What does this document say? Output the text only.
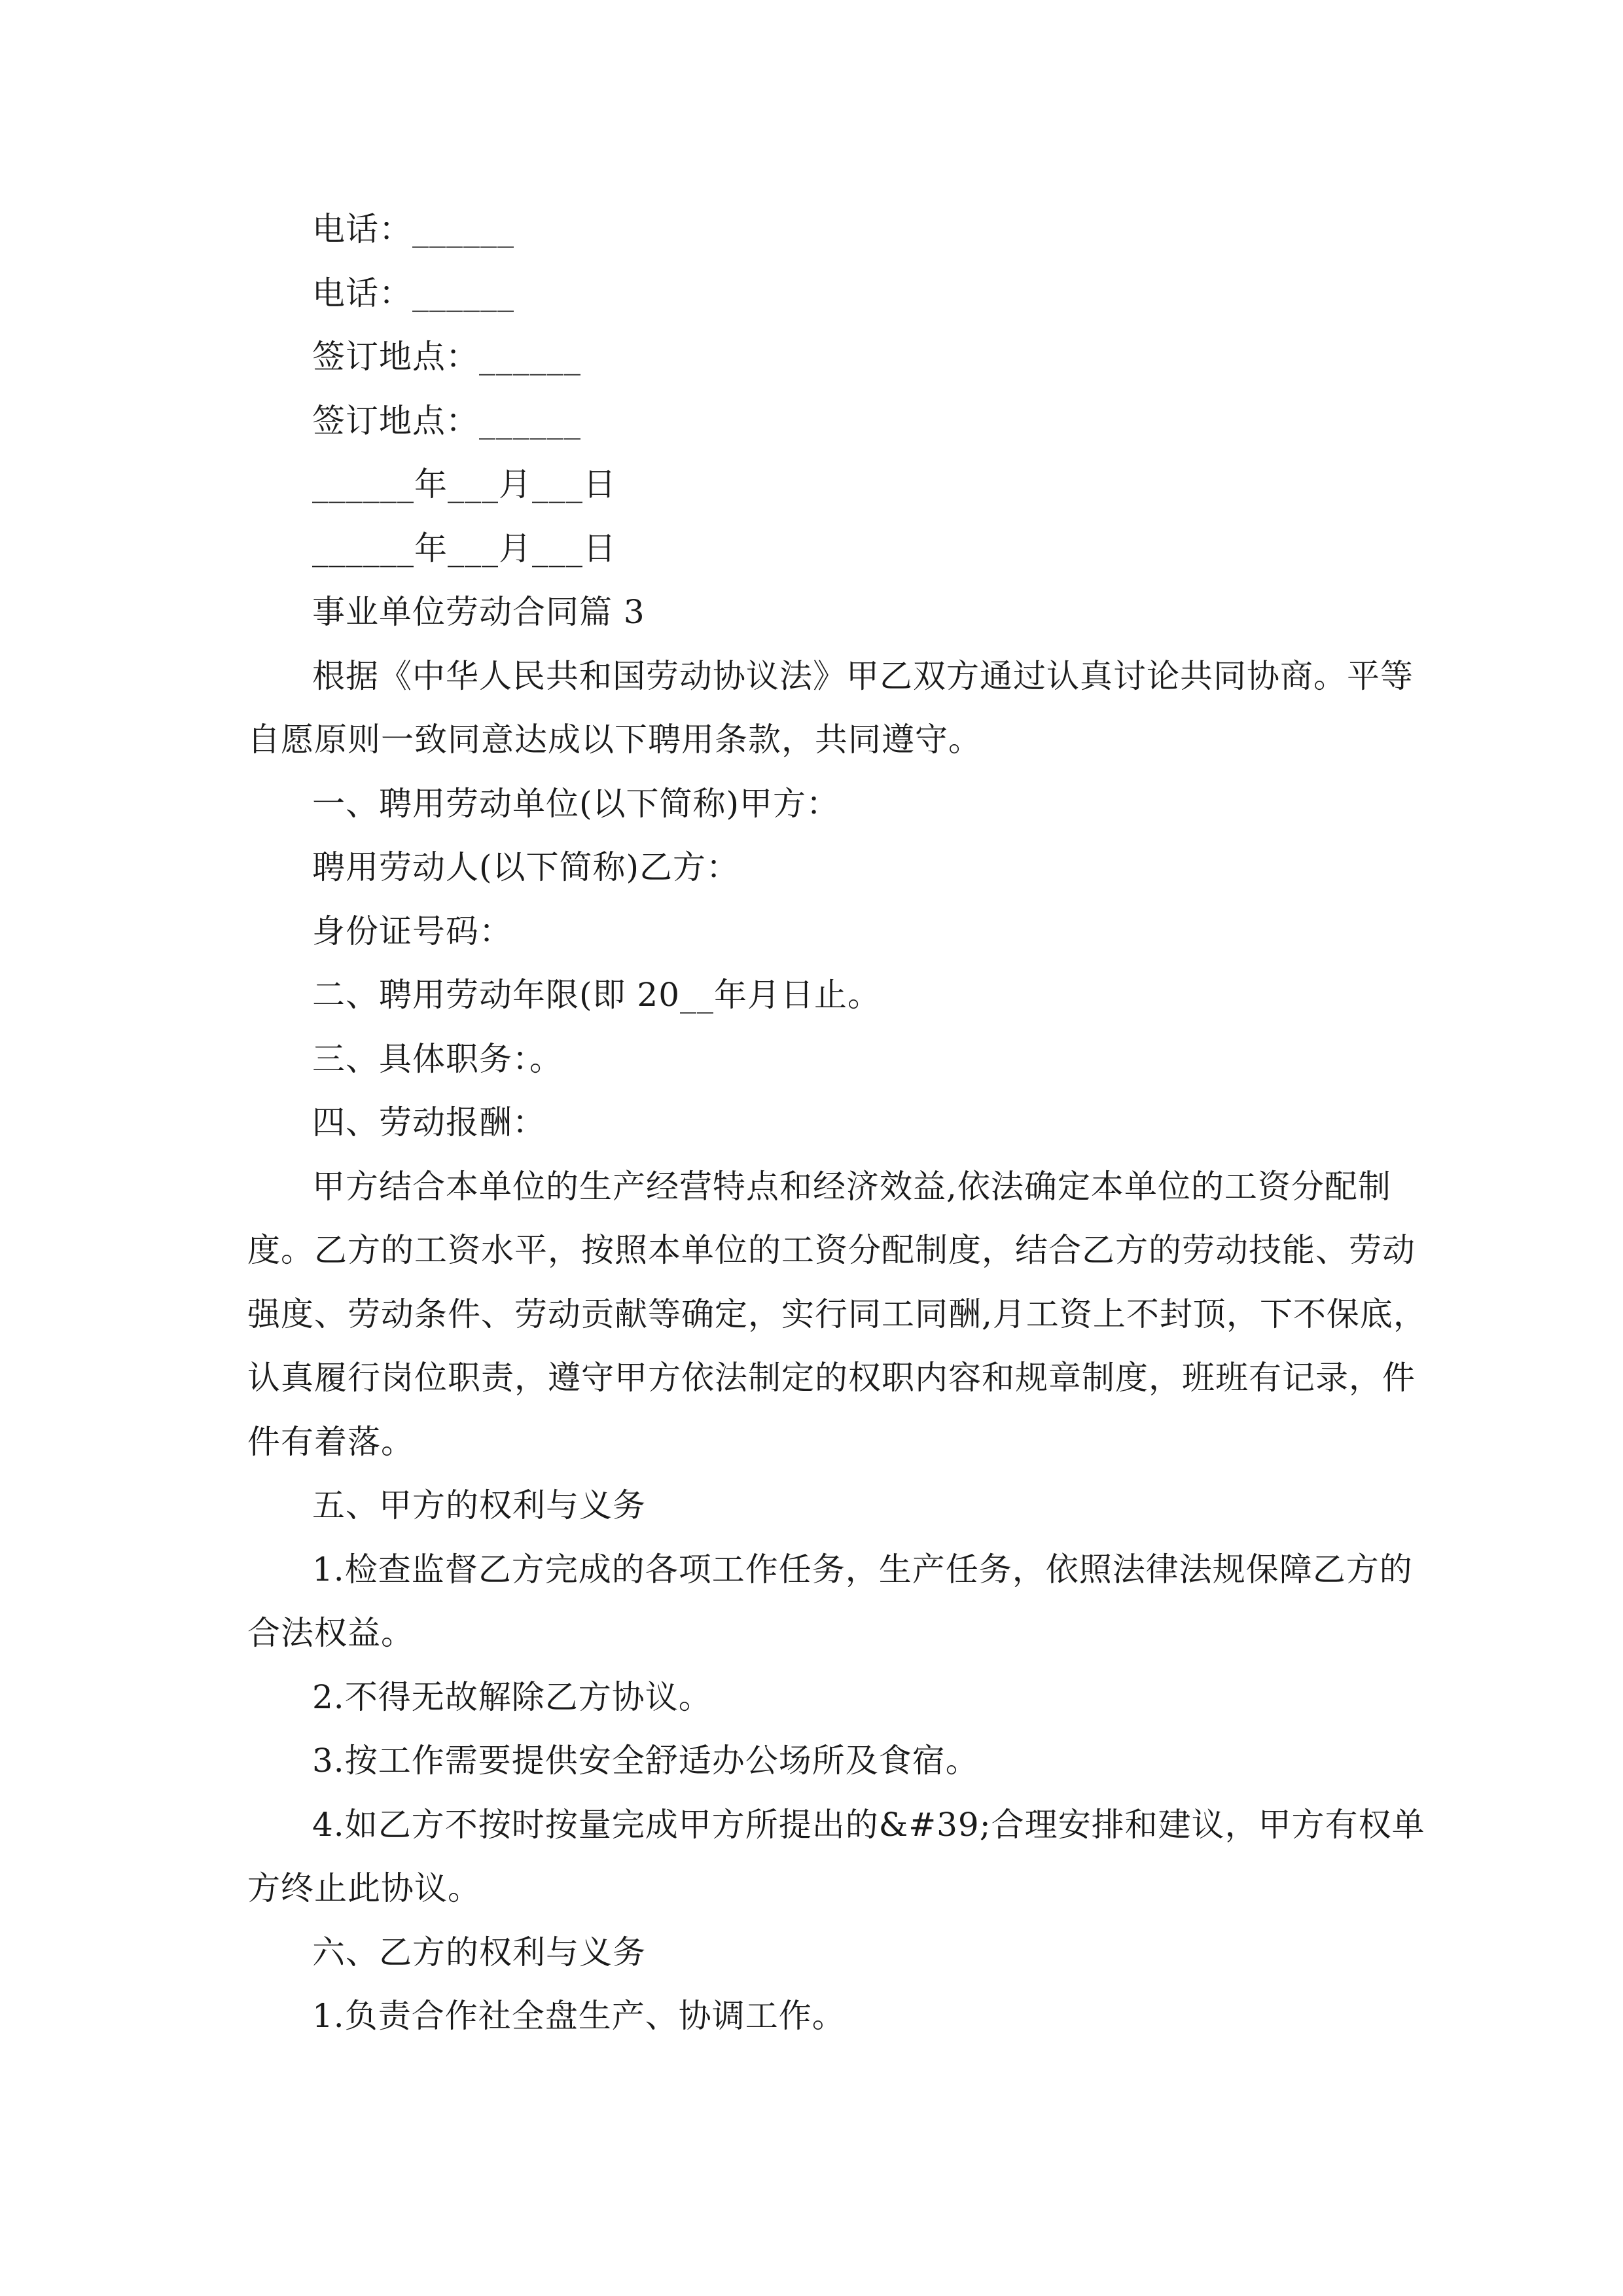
电话：______
电话：______
签订地点：______
签订地点：______
______年___月___日
______年___月___日
事业单位劳动合同篇 3
根据《中华人民共和国劳动协议法》甲乙双方通过认真讨论共同协商。平等
自愿原则一致同意达成以下聘用条款，共同遵守。
一、聘用劳动单位(以下简称)甲方：
聘用劳动人(以下简称)乙方：
身份证号码：
二、聘用劳动年限(即 20__年月日止。
三、具体职务：。
四、劳动报酬：
甲方结合本单位的生产经营特点和经济效益,依法确定本单位的工资分配制
度。乙方的工资水平，按照本单位的工资分配制度，结合乙方的劳动技能、劳动
强度、劳动条件、劳动贡献等确定，实行同工同酬,月工资上不封顶，下不保底，
认真履行岗位职责，遵守甲方依法制定的权职内容和规章制度，班班有记录，件
件有着落。
五、甲方的权利与义务
1.检查监督乙方完成的各项工作任务，生产任务，依照法律法规保障乙方的
合法权益。
2.不得无故解除乙方协议。
3.按工作需要提供安全舒适办公场所及食宿。
4.如乙方不按时按量完成甲方所提出的&#39;合理安排和建议，甲方有权单
方终止此协议。
六、乙方的权利与义务
1.负责合作社全盘生产、协调工作。
